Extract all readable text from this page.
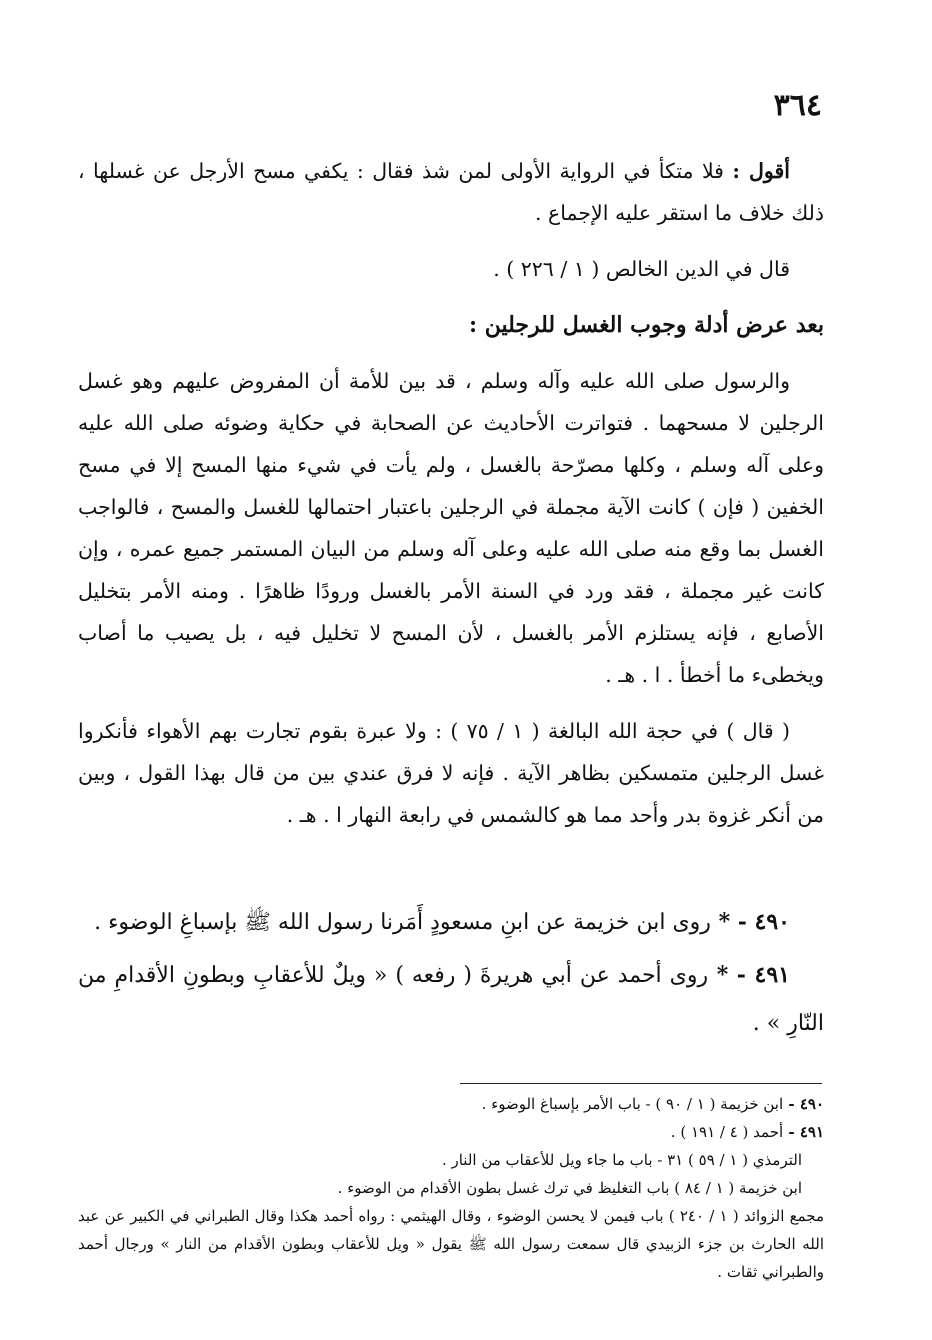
٣٦٤

أقول : فلا متكأ في الرواية الأولى لمن شذ فقال : يكفي مسح الأرجل عن غسلها ، ذلك خلاف ما استقر عليه الإجماع .

قال في الدين الخالص ( ١ / ٢٢٦ ) .

بعد عرض أدلة وجوب الغسل للرجلين :

والرسول صلى الله عليه وآله وسلم ، قد بين للأمة أن المفروض عليهم وهو غسل الرجلين لا مسحهما . فتواترت الأحاديث عن الصحابة في حكاية وضوئه صلى الله عليه وعلى آله وسلم ، وكلها مصرّحة بالغسل ، ولم يأت في شيء منها المسح إلا في مسح الخفين ( فإن ) كانت الآية مجملة في الرجلين باعتبار احتمالها للغسل والمسح ، فالواجب الغسل بما وقع منه صلى الله عليه وعلى آله وسلم من البيان المستمر جميع عمره ، وإن كانت غير مجملة ، فقد ورد في السنة الأمر بالغسل ورودًا ظاهرًا . ومنه الأمر بتخليل الأصابع ، فإنه يستلزم الأمر بالغسل ، لأن المسح لا تخليل فيه ، بل يصيب ما أصاب ويخطىء ما أخطأ . ا . هـ .

( قال ) في حجة الله البالغة ( ١ / ٧٥ ) : ولا عبرة بقوم تجارت بهم الأهواء فأنكروا غسل الرجلين متمسكين بظاهر الآية . فإنه لا فرق عندي بين من قال بهذا القول ، وبين من أنكر غزوة بدر وأحد مما هو كالشمس في رابعة النهار ا . هـ .

٤٩٠ - * روى ابن خزيمة عن ابنِ مسعودٍ أَمَرنا رسول الله ﷺ بإسباغِ الوضوء .

٤٩١ - * روى أحمد عن أبي هريرةَ ( رفعه ) « ويلٌ للأعقابِ وبطونِ الأقدامِ من النّارِ » .

٤٩٠ - ابن خزيمة ( ١ / ٩٠ ) - باب الأمر بإسباغ الوضوء .

٤٩١ - أحمد ( ٤ / ١٩١ ) .

الترمذي ( ١ / ٥٩ ) ٣١ - باب ما جاء ويل للأعقاب من النار .

ابن خزيمة ( ١ / ٨٤ ) باب التغليظ في ترك غسل بطون الأقدام من الوضوء .

مجمع الزوائد ( ١ / ٢٤٠ ) باب فيمن لا يحسن الوضوء ، وقال الهيثمي : رواه أحمد هكذا وقال الطبراني في الكبير عن عبد الله الحارث بن جزء الزبيدي قال سمعت رسول الله ﷺ يقول « ويل للأعقاب وبطون الأقدام من النار » ورجال أحمد والطبراني ثقات .
